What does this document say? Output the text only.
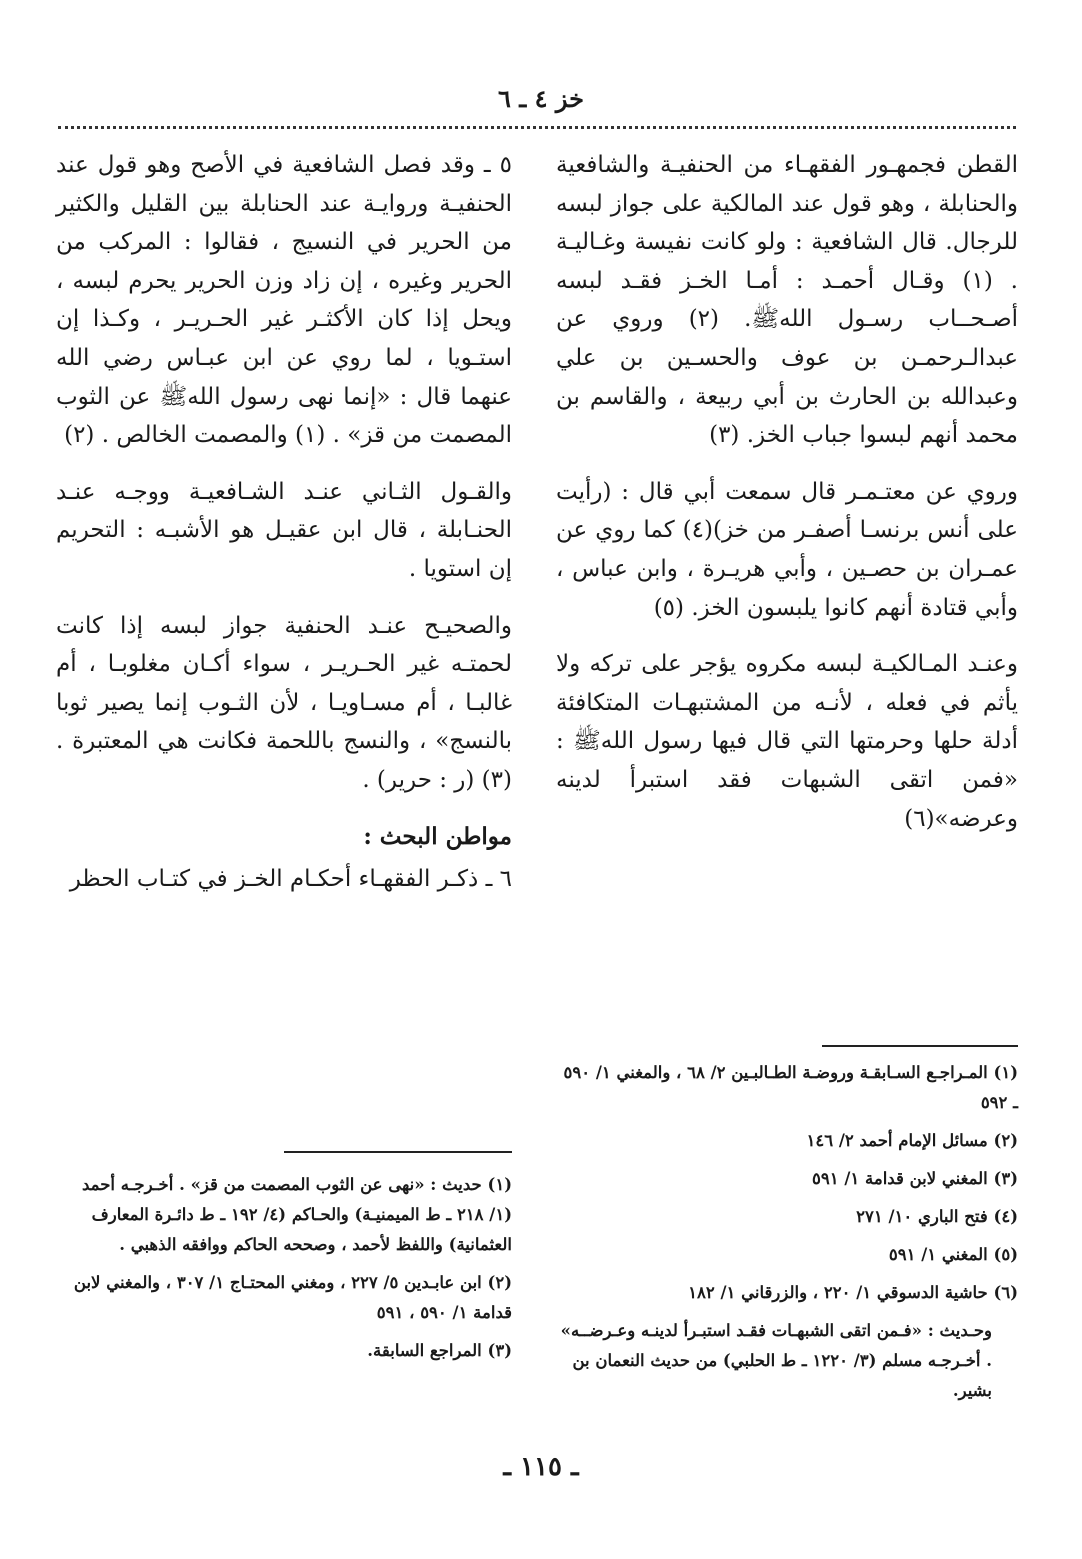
خز ٤ ـ ٦

القطن فجمهـور الفقهـاء من الحنفيـة والشافعية والحنابلة ، وهو قول عند المالكية على جواز لبسه للرجال. قال الشافعية : ولو كانت نفيسة وغـاليـة . (١) وقـال أحمـد : أمـا الخـز فقـد لبسه أصـحــاب رسـول اللهﷺ. (٢) وروي عن عبدالـرحمـن بن عوف والحسـين بن علي وعبدالله بن الحارث بن أبي ربيعة ، والقاسم بن محمد أنهم لبسوا جباب الخز. (٣)

وروي عن معتـمـر قال سمعت أبي قال : (رأيت على أنس برنسـا أصفـر من خز)(٤) كما روي عن عمـران بن حصـين ، وأبي هريـرة ، وابن عباس ، وأبي قتادة أنهم كانوا يلبسون الخز. (٥)

وعنـد المـالكيـة لبسه مكروه يؤجر على تركه ولا يأثم في فعله ، لأنـه من المشتبهـات المتكافئة أدلة حلها وحرمتها التي قال فيها رسول اللهﷺ : «فمن اتقى الشبهات فقد استبرأ لدينه وعرضه»(٦)

٥ ـ وقد فصل الشافعية في الأصح وهو قول عند الحنفيـة وروايـة عند الحنابلة بين القليل والكثير من الحرير في النسيج ، فقالوا : المركب من الحرير وغيره ، إن زاد وزن الحرير يحرم لبسه ، ويحل إذا كان الأكثـر غير الحـريـر ، وكـذا إن استـويا ، لما روي عن ابن عبـاس رضي الله عنهما قال : «إنما نهى رسول اللهﷺ عن الثوب المصمت من قز» . (١) والمصمت الخالص . (٢)

والقـول الثـاني عنـد الشـافعيـة ووجـه عنـد الحنـابلة ، قال ابن عقيـل هو الأشبـه : التحريم إن استويا .

والصحيـح عنـد الحنفية جواز لبسه إذا كانت لحمتـه غير الحـريـر ، سواء أكـان مغلوبـا ، أم غالبـا ، أم مسـاويـا ، لأن الثـوب إنما يصير ثوبا بالنسج» ، والنسج باللحمة فكانت هي المعتبرة . (٣) (ر : حرير) .

مواطن البحث :

٦ ـ ذكـر الفقهـاء أحكـام الخـز في كتـاب الحظر

(١) المـراجـع السـابقـة وروضـة الطـالبـين ٢/ ٦٨ ، والمغني ١/ ٥٩٠ ـ ٥٩٢
(٢) مسائل الإمام أحمد ٢/ ١٤٦
(٣) المغني لابن قدامة ١/ ٥٩١
(٤) فتح الباري ١٠/ ٢٧١
(٥) المغني ١/ ٥٩١
(٦) حاشية الدسوقي ١/ ٢٢٠ ، والزرقاني ١/ ١٨٢
وحـديث : «فـمن اتقى الشبهـات فقـد استبـرأ لدينـه وعـرضــه» . أخـرجـه مسلم (٣/ ١٢٢٠ ـ ط الحلبي) من حديث النعمان بن بشير.
(١) حديث : «نهى عن الثوب المصمت من قز» . أخـرجـه أحمد (١/ ٢١٨ ـ ط الميمنيـة) والحـاكم (٤/ ١٩٢ ـ ط دائـرة المعارف العثمانية) واللفظ لأحمد ، وصححه الحاكم ووافقه الذهبي .
(٢) ابن عابـدين ٥/ ٢٢٧ ، ومغني المحتـاج ١/ ٣٠٧ ، والمغني لابن قدامة ١/ ٥٩٠ ، ٥٩١
(٣) المراجع السابقة.
ـ ١١٥ ـ
